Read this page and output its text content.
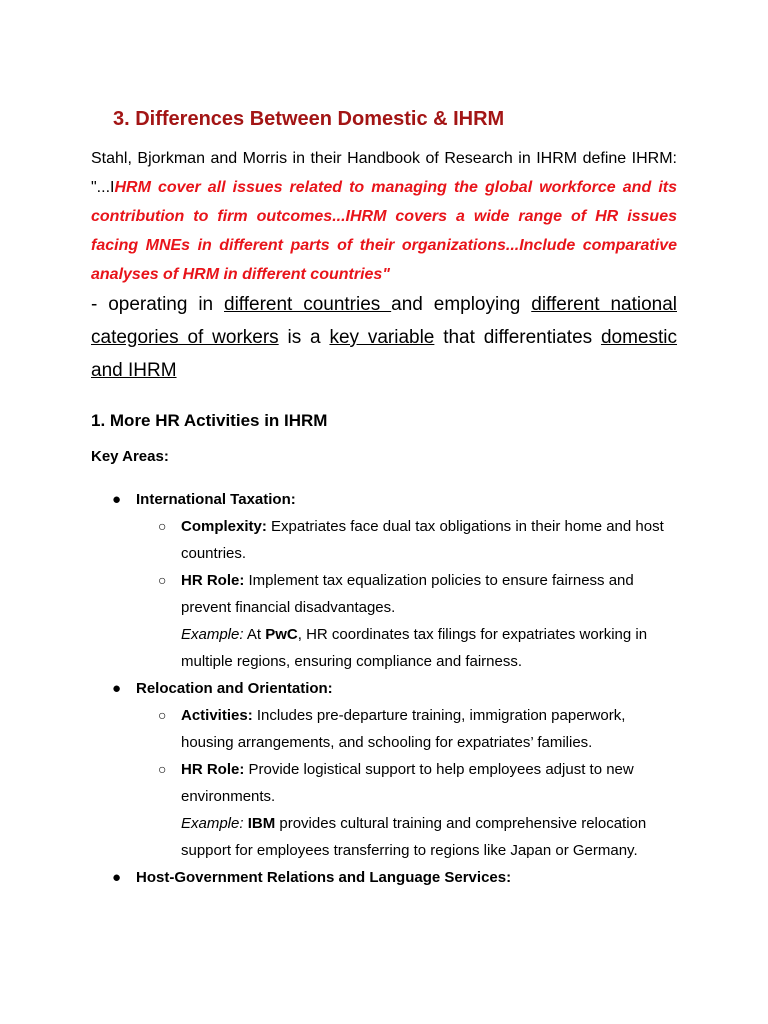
3. Differences Between Domestic & IHRM

Stahl, Bjorkman and Morris in their Handbook of Research in IHRM define IHRM: "...IHRM cover all issues related to managing the global workforce and its contribution to firm outcomes...IHRM covers a wide range of HR issues facing MNEs in different parts of their organizations...Include comparative analyses of HRM in different countries"

- operating in different countries and employing different national categories of workers is a key variable that differentiates domestic and IHRM

1. More HR Activities in IHRM

Key Areas:

● International Taxation:
○ Complexity: Expatriates face dual tax obligations in their home and host countries.
○ HR Role: Implement tax equalization policies to ensure fairness and prevent financial disadvantages.
Example: At PwC, HR coordinates tax filings for expatriates working in multiple regions, ensuring compliance and fairness.
● Relocation and Orientation:
○ Activities: Includes pre-departure training, immigration paperwork, housing arrangements, and schooling for expatriates’ families.
○ HR Role: Provide logistical support to help employees adjust to new environments.
Example: IBM provides cultural training and comprehensive relocation support for employees transferring to regions like Japan or Germany.
● Host-Government Relations and Language Services:
